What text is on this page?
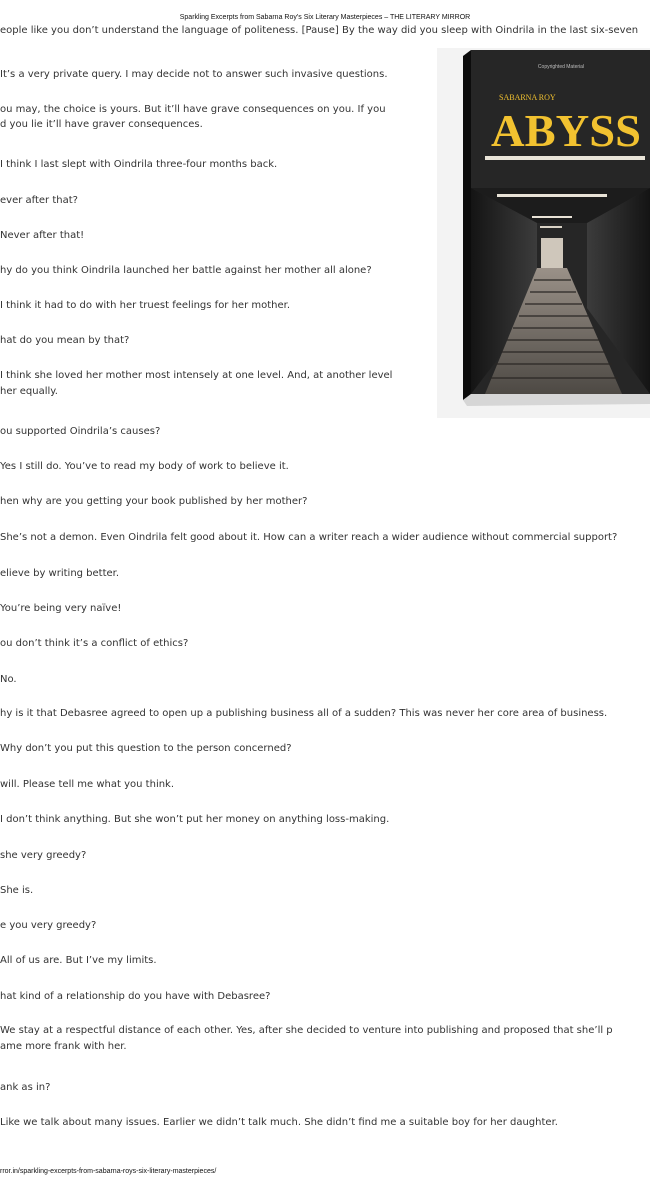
Sparkling Excerpts from Sabarna Roy’s Six Literary Masterpieces – THE LITERARY MIRROR
eople like you don’t understand the language of politeness. [Pause] By the way did you sleep with Oindrila in the last six-seven
It’s a very private query. I may decide not to answer such invasive questions.
ou may, the choice is yours. But it’ll have grave consequences on you. If you
d you lie it’ll have graver consequences.
I think I last slept with Oindrila three-four months back.
ever after that?
Never after that!
hy do you think Oindrila launched her battle against her mother all alone?
I think it had to do with her truest feelings for her mother.
hat do you mean by that?
I think she loved her mother most intensely at one level. And, at another level
her equally.
ou supported Oindrila’s causes?
Yes I still do. You’ve to read my body of work to believe it.
hen why are you getting your book published by her mother?
She’s not a demon. Even Oindrila felt good about it. How can a writer reach a wider audience without commercial support?
elieve by writing better.
You’re being very naïve!
ou don’t think it’s a conflict of ethics?
No.
hy is it that Debasree agreed to open up a publishing business all of a sudden? This was never her core area of business.
Why don’t you put this question to the person concerned?
will. Please tell me what you think.
I don’t think anything. But she won’t put her money on anything loss-making.
she very greedy?
She is.
e you very greedy?
All of us are. But I’ve my limits.
hat kind of a relationship do you have with Debasree?
We stay at a respectful distance of each other. Yes, after she decided to venture into publishing and proposed that she’ll p
ame more frank with her.
ank as in?
Like we talk about many issues. Earlier we didn’t talk much. She didn’t find me a suitable boy for her daughter.
Copyrighted Material
SABARNA ROY
ABYSS
rror.in/sparkling-excerpts-from-sabarna-roys-six-literary-masterpieces/
